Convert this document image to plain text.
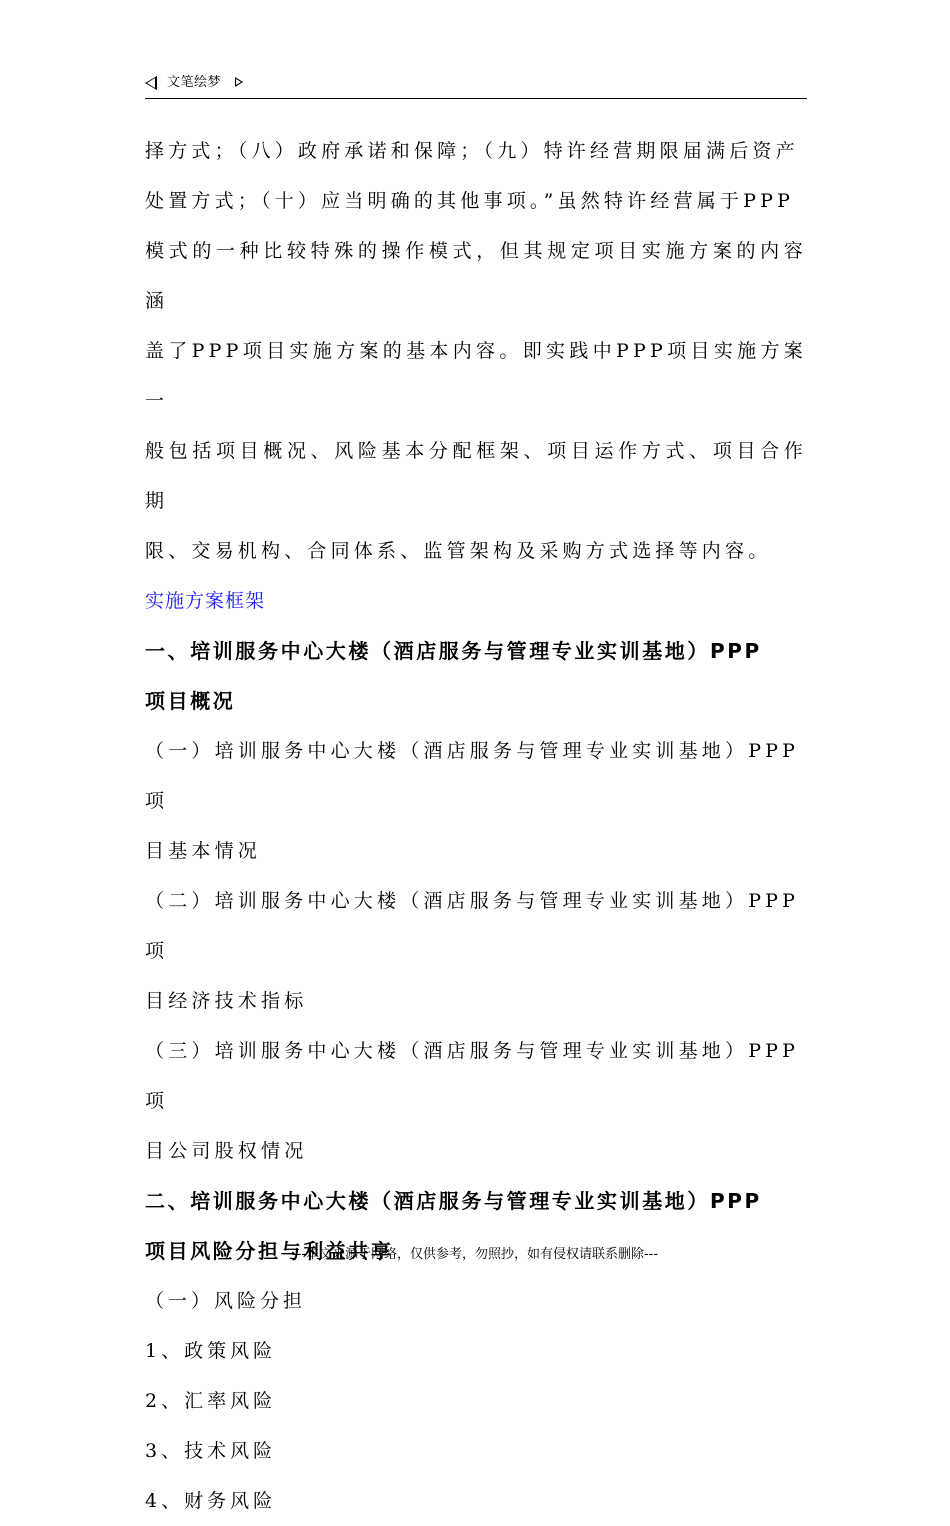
文笔绘梦

择方式；（八）政府承诺和保障；（九）特许经营期限届满后资产

处置方式；（十）应当明确的其他事项。”虽然特许经营属于PPP

模式的一种比较特殊的操作模式，但其规定项目实施方案的内容涵

盖了PPP项目实施方案的基本内容。即实践中PPP项目实施方案一

般包括项目概况、风险基本分配框架、项目运作方式、项目合作期

限、交易机构、合同体系、监管架构及采购方式选择等内容。

实施方案框架

一、培训服务中心大楼（酒店服务与管理专业实训基地）PPP

项目概况

（一）培训服务中心大楼（酒店服务与管理专业实训基地）PPP项

目基本情况

（二）培训服务中心大楼（酒店服务与管理专业实训基地）PPP项

目经济技术指标

（三）培训服务中心大楼（酒店服务与管理专业实训基地）PPP项

目公司股权情况

二、培训服务中心大楼（酒店服务与管理专业实训基地）PPP

项目风险分担与利益共享

（一）风险分担

1、政策风险

2、汇率风险

3、技术风险

4、财务风险

---本文来源于网络，仅供参考，勿照抄，如有侵权请联系删除---
